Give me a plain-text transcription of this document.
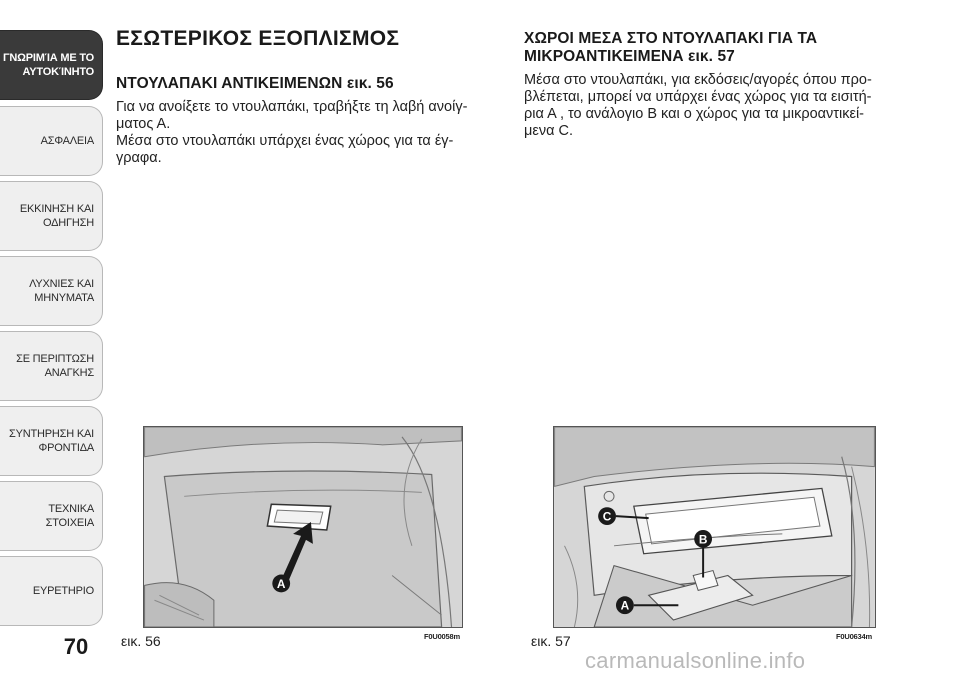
ΓΝΩΡΙΜΊΑ ΜΕ ΤΟ
ΑΥΤΟΚΊΝΗΤΟ
ΑΣΦΑΛΕΙΑ
ΕΚΚΙΝΗΣΗ ΚΑΙ
ΟΔΗΓΗΣΗ
ΛΥΧΝΙΕΣ ΚΑΙ
ΜΗΝΥΜΑΤΑ
ΣΕ ΠΕΡΙΠΤΩΣΗ
ΑΝΑΓΚΗΣ
ΣΥΝΤΗΡΗΣΗ ΚΑΙ
ΦΡΟΝΤΙΔΑ
ΤΕΧΝΙΚΑ ΣΤΟΙΧΕΙΑ
ΕΥΡΕΤΗΡΙΟ
70
ΕΣΩΤΕΡΙΚΟΣ ΕΞΟΠΛΙΣΜΟΣ
ΝΤΟΥΛΑΠΑΚΙ ΑΝΤΙΚΕΙΜΕΝΩΝ εικ. 56
Για να ανοίξετε το ντουλαπάκι, τραβήξτε τη λαβή ανοίγ-
ματος Α.
Μέσα στο ντουλαπάκι υπάρχει ένας χώρος για τα έγ-
γραφα.
ΧΩΡΟΙ ΜΕΣΑ ΣΤΟ ΝΤΟΥΛΑΠΑΚΙ ΓΙΑ ΤΑ
ΜΙΚΡΟΑΝΤΙΚΕΙΜΕΝΑ εικ. 57
Μέσα στο ντουλαπάκι, για εκδόσεις/αγορές όπου προ-
βλέπεται, μπορεί να υπάρχει ένας χώρος για τα εισιτή-
ρια Α , το ανάλογιο Β και ο χώρος για τα μικροαντικεί-
μενα C.
A
εικ. 56	F0U0058m
C
B
A
εικ. 57	F0U0634m
carmanualsonline.info
